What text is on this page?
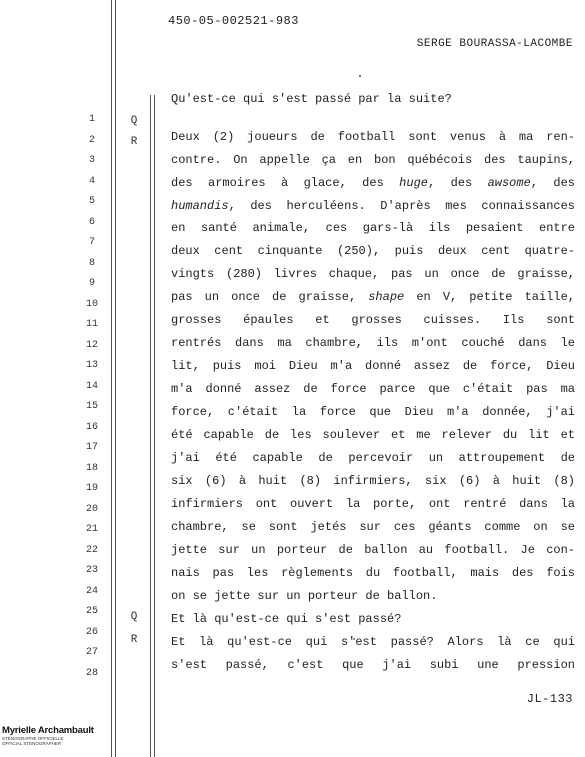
450-05-002521-983
SERGE BOURASSA-LACOMBE
1
2
3
4
5
6
7
8
9
10
11
12
13
14
15
16
17
18
19
20
21
22
23
24
25
26
27
28
Q
R
Q
R
Qu'est-ce qui s'est passé par la suite?
Deux (2) joueurs de football sont venus à ma ren-
contre. On appelle ça en bon québécois des taupins,
des armoires à glace, des huge, des awsome, des
humandis, des herculéens. D'après mes connaissances
en santé animale, ces gars-là ils pesaient entre
deux cent cinquante (250), puis deux cent quatre-
vingts (280) livres chaque, pas un once de graisse,
pas un once de graisse, shape en V, petite taille,
grosses épaules et grosses cuisses. Ils sont
rentrés dans ma chambre, ils m'ont couché dans le
lit, puis moi Dieu m'a donné assez de force, Dieu
m'a donné assez de force parce que c'était pas ma
force, c'était la force que Dieu m'a donnée, j'ai
été capable de les soulever et me relever du lit et
j'ai été capable de percevoir un attroupement de
six (6) à huit (8) infirmiers, six (6) à huit (8)
infirmiers ont ouvert la porte, ont rentré dans la
chambre, se sont jetés sur ces géants comme on se
jette sur un porteur de ballon au football. Je con-
nais pas les règlements du football, mais des fois
on se jette sur un porteur de ballon.
Et là qu'est-ce qui s'est passé?
Et là qu'est-ce qui s'est passé? Alors là ce qui
s'est passé, c'est que j'ai subi une pression
JL-133
Myrielle Archambault
STÉNOGRAPHE OFFICIELLE
OFFICIAL STENOGRAPHER
